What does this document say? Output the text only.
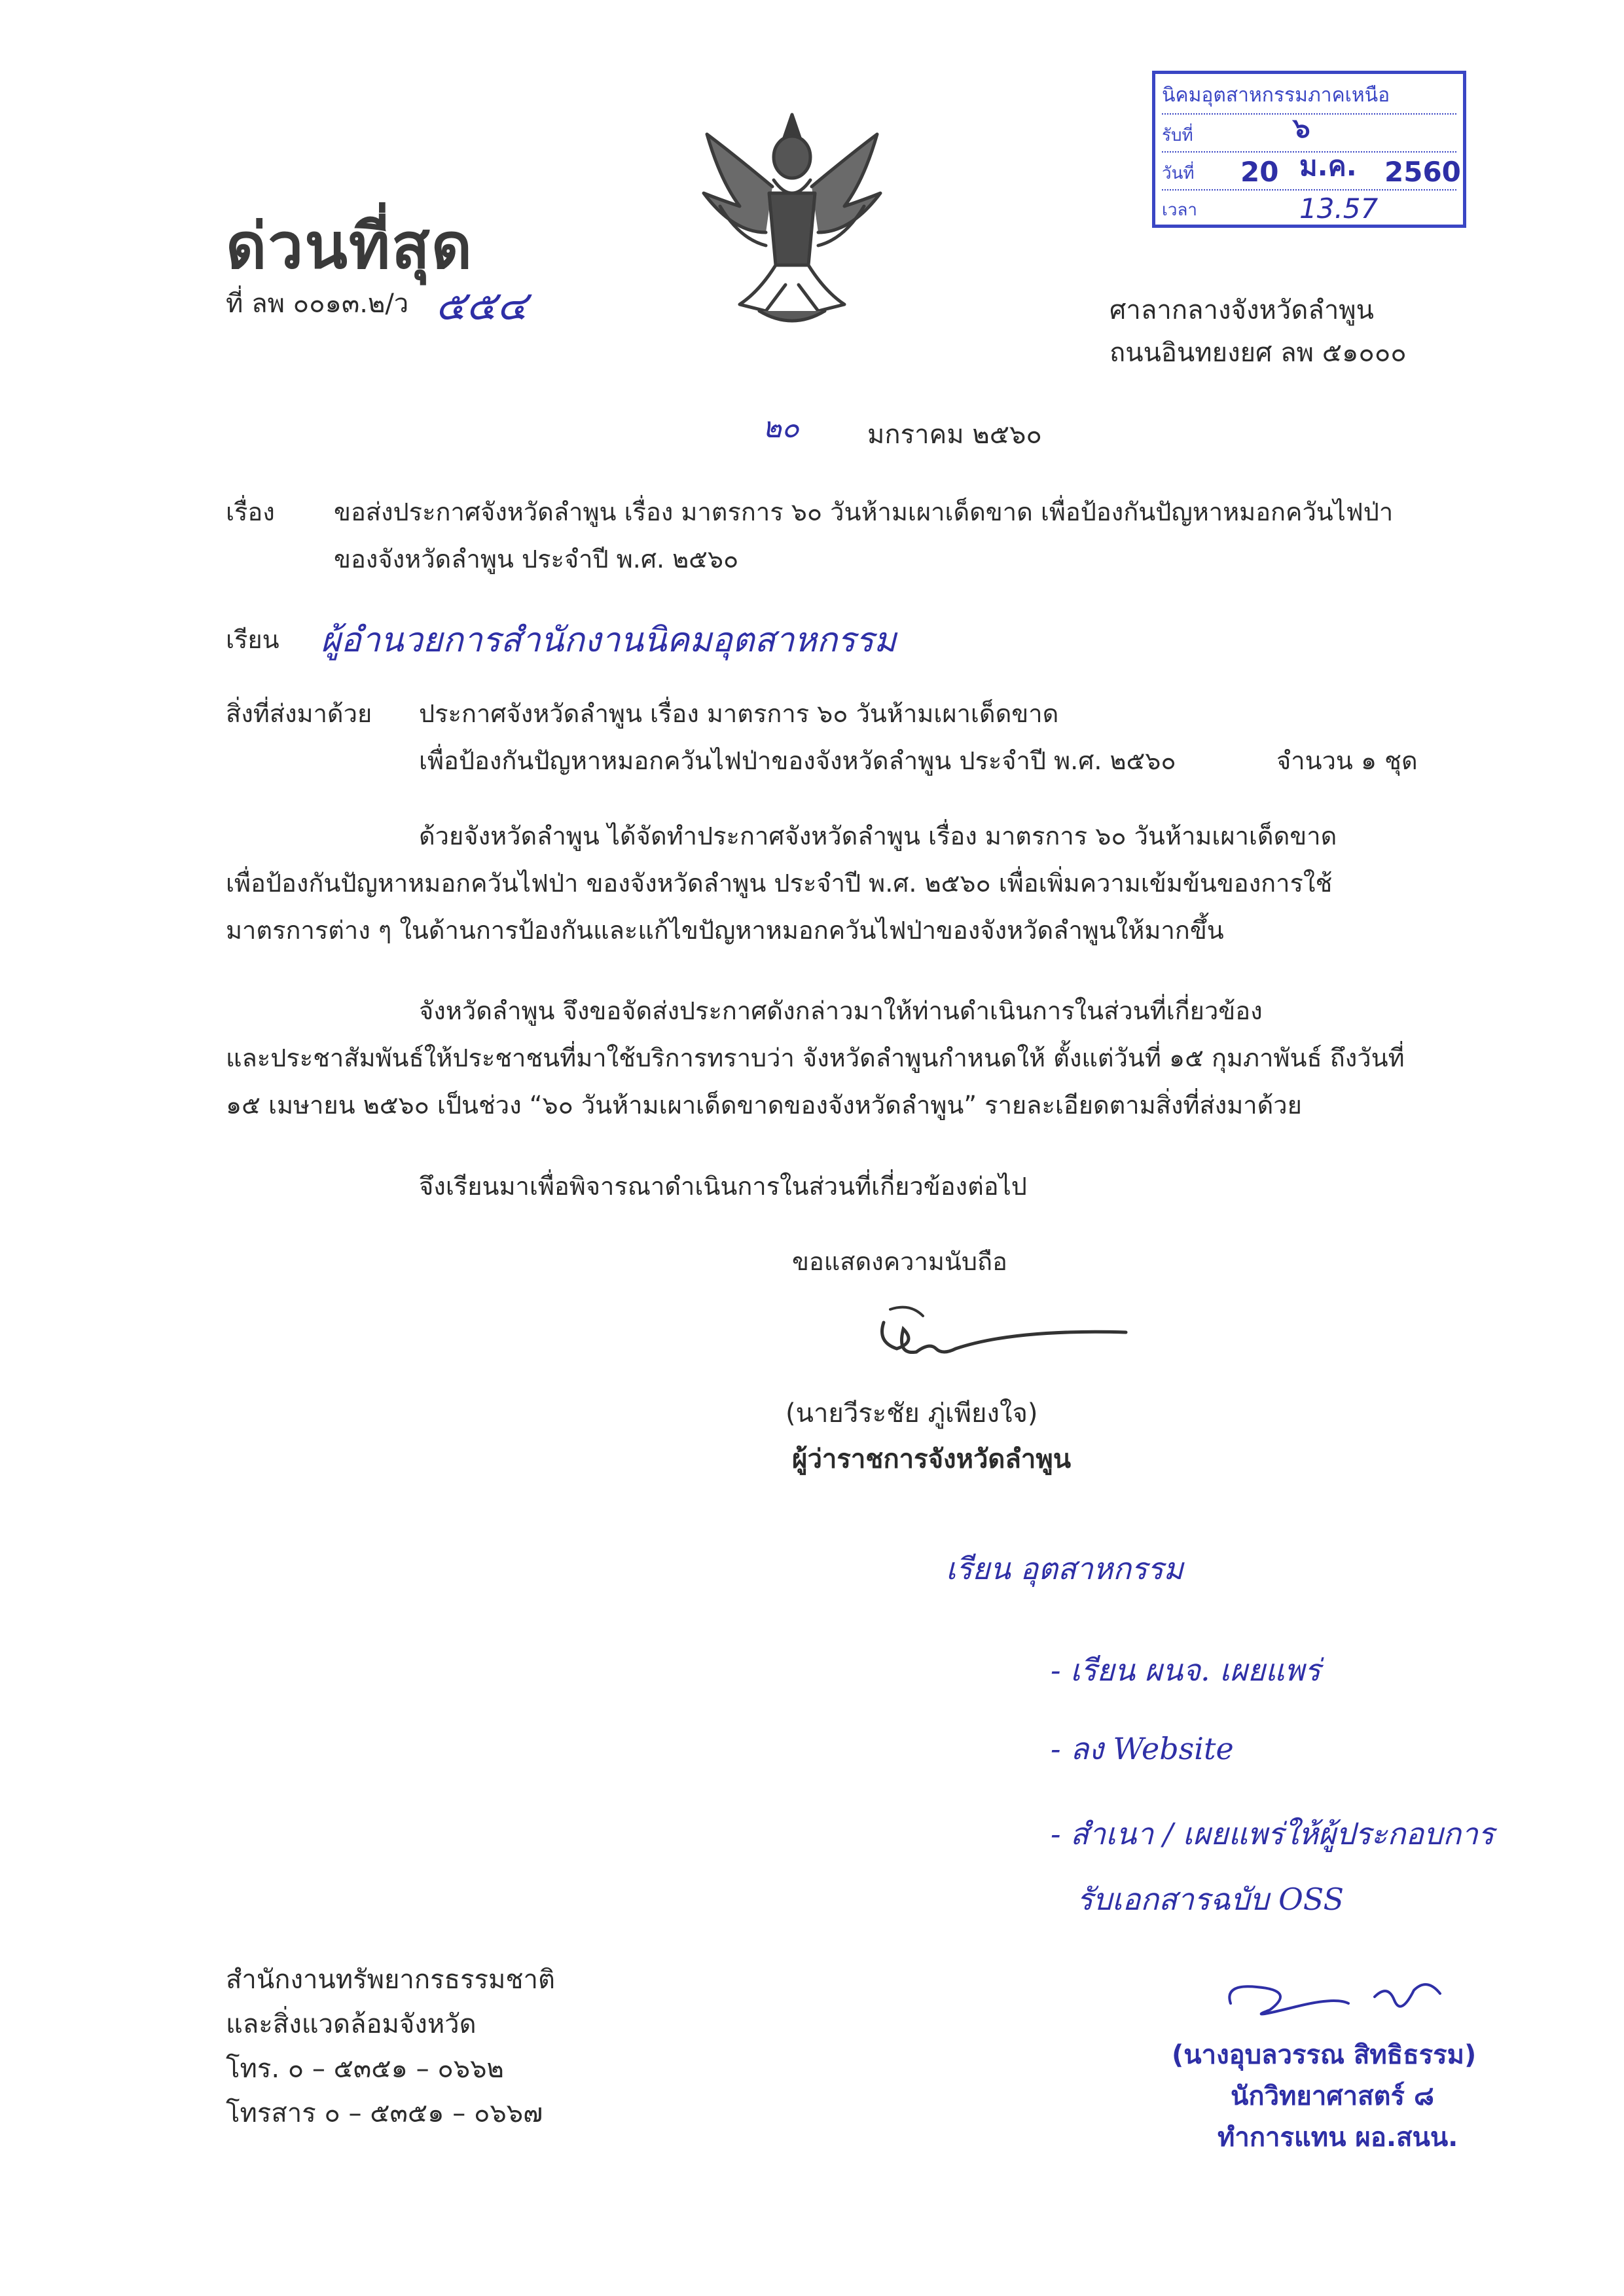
นิคมอุตสาหกรรมภาคเหนือ
รับที่	๖
วันที่ 20 ม.ค. 2560
เวลา	13.57
ด่วนที่สุด
ที่ ลพ ๐๐๑๓.๒/ว ๕๕๔	ศาลากลางจังหวัดลำพูน
ถนนอินทยงยศ ลพ ๕๑๐๐๐
๒๐	มกราคม ๒๕๖๐
เรื่อง ขอส่งประกาศจังหวัดลำพูน เรื่อง มาตรการ ๖๐ วันห้ามเผาเด็ดขาด เพื่อป้องกันปัญหาหมอกควันไฟป่า
ของจังหวัดลำพูน ประจำปี พ.ศ. ๒๕๖๐
เรียน ผู้อำนวยการสำนักงานนิคมอุตสาหกรรม
สิ่งที่ส่งมาด้วย ประกาศจังหวัดลำพูน เรื่อง มาตรการ ๖๐ วันห้ามเผาเด็ดขาด
เพื่อป้องกันปัญหาหมอกควันไฟป่าของจังหวัดลำพูน ประจำปี พ.ศ. ๒๕๖๐	จำนวน ๑ ชุด
ด้วยจังหวัดลำพูน ได้จัดทำประกาศจังหวัดลำพูน เรื่อง มาตรการ ๖๐ วันห้ามเผาเด็ดขาด
เพื่อป้องกันปัญหาหมอกควันไฟป่า ของจังหวัดลำพูน ประจำปี พ.ศ. ๒๕๖๐ เพื่อเพิ่มความเข้มข้นของการใช้
มาตรการต่าง ๆ ในด้านการป้องกันและแก้ไขปัญหาหมอกควันไฟป่าของจังหวัดลำพูนให้มากขึ้น
จังหวัดลำพูน จึงขอจัดส่งประกาศดังกล่าวมาให้ท่านดำเนินการในส่วนที่เกี่ยวข้อง
และประชาสัมพันธ์ให้ประชาชนที่มาใช้บริการทราบว่า จังหวัดลำพูนกำหนดให้ ตั้งแต่วันที่ ๑๕ กุมภาพันธ์ ถึงวันที่
๑๕ เมษายน ๒๕๖๐ เป็นช่วง “๖๐ วันห้ามเผาเด็ดขาดของจังหวัดลำพูน” รายละเอียดตามสิ่งที่ส่งมาด้วย
จึงเรียนมาเพื่อพิจารณาดำเนินการในส่วนที่เกี่ยวข้องต่อไป
ขอแสดงความนับถือ
(นายวีระชัย ภู่เพียงใจ)
ผู้ว่าราชการจังหวัดลำพูน
เรียน อุตสาหกรรม
- เรียน ผนจ. เผยแพร่
- ลง Website
- สำเนา / เผยแพร่ให้ผู้ประกอบการ
รับเอกสารฉบับ OSS
สำนักงานทรัพยากรธรรมชาติ
และสิ่งแวดล้อมจังหวัด
โทร. ๐ – ๕๓๕๑ – ๐๖๖๒
โทรสาร ๐ – ๕๓๕๑ – ๐๖๖๗
(นางอุบลวรรณ สิทธิธรรม)
นักวิทยาศาสตร์ ๘
ทำการแทน ผอ.สนน.
